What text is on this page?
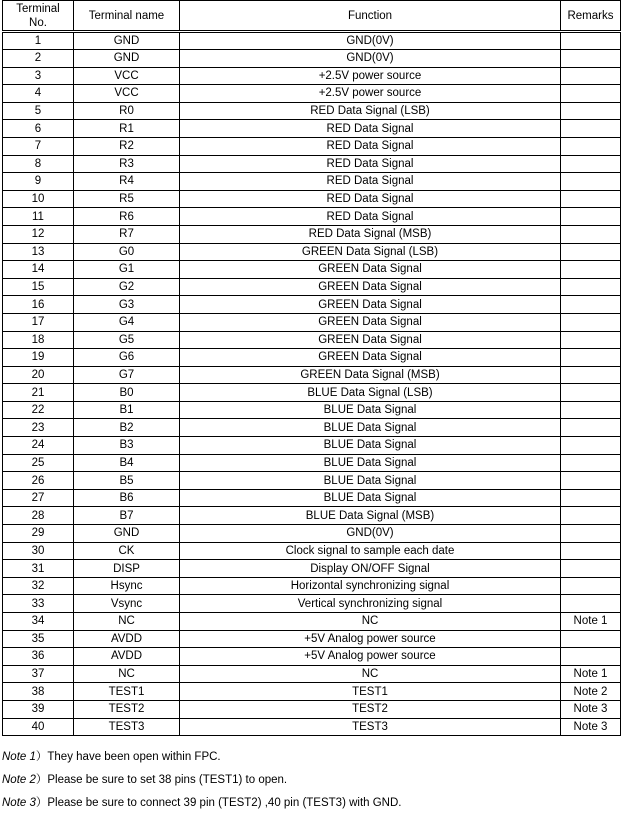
Terminal
No.	Terminal name	Function	Remarks
1	GND	GND(0V)	
2	GND	GND(0V)	
3	VCC	+2.5V power source	
4	VCC	+2.5V power source	
5	R0	RED Data Signal (LSB)	
6	R1	RED Data Signal	
7	R2	RED Data Signal	
8	R3	RED Data Signal	
9	R4	RED Data Signal	
10	R5	RED Data Signal	
11	R6	RED Data Signal	
12	R7	RED Data Signal (MSB)	
13	G0	GREEN Data Signal (LSB)	
14	G1	GREEN Data Signal	
15	G2	GREEN Data Signal	
16	G3	GREEN Data Signal	
17	G4	GREEN Data Signal	
18	G5	GREEN Data Signal	
19	G6	GREEN Data Signal	
20	G7	GREEN Data Signal (MSB)	
21	B0	BLUE Data Signal (LSB)	
22	B1	BLUE Data Signal	
23	B2	BLUE Data Signal	
24	B3	BLUE Data Signal	
25	B4	BLUE Data Signal	
26	B5	BLUE Data Signal	
27	B6	BLUE Data Signal	
28	B7	BLUE Data Signal (MSB)	
29	GND	GND(0V)	
30	CK	Clock signal to sample each date	
31	DISP	Display ON/OFF Signal	
32	Hsync	Horizontal synchronizing signal	
33	Vsync	Vertical synchronizing signal	
34	NC	NC	Note 1
35	AVDD	+5V Analog power source	
36	AVDD	+5V Analog power source	
37	NC	NC	Note 1
38	TEST1	TEST1	Note 2
39	TEST2	TEST2	Note 3
40	TEST3	TEST3	Note 3
Note 1）They have been open within FPC.
Note 2）Please be sure to set 38 pins (TEST1) to open.
Note 3）Please be sure to connect 39 pin (TEST2) ,40 pin (TEST3) with GND.
